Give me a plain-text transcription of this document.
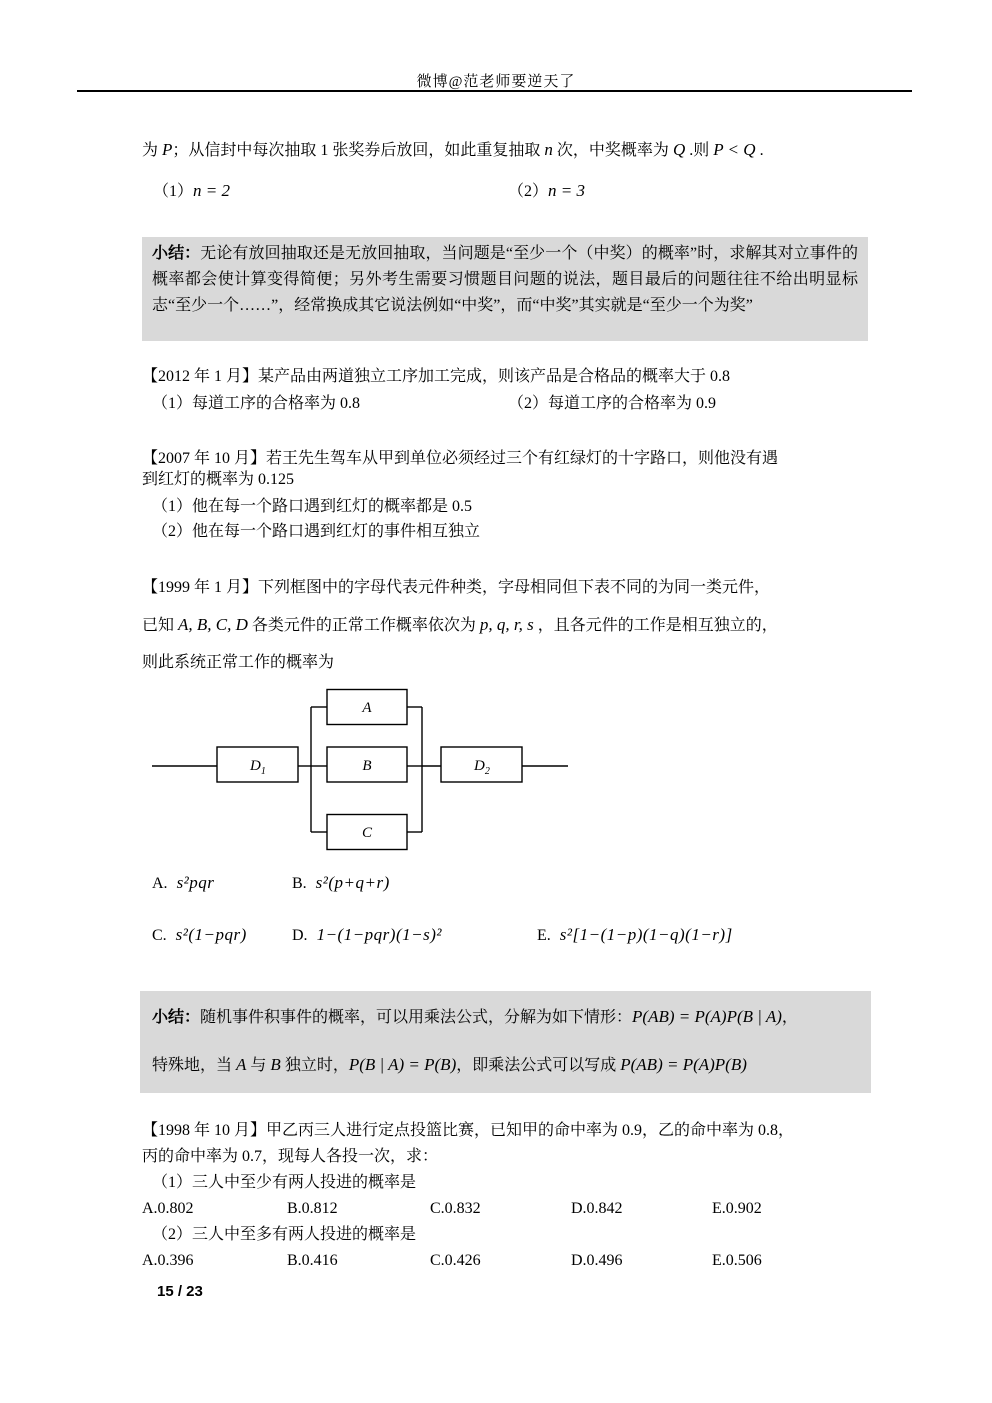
微博@范老师要逆天了
为 P；从信封中每次抽取 1 张奖券后放回，如此重复抽取 n 次，中奖概率为 Q .则 P < Q .
（1）n = 2	（2）n = 3
小结：无论有放回抽取还是无放回抽取，当问题是“至少一个（中奖）的概率”时，求解其对立事件的概率都会使计算变得简便；另外考生需要习惯题目问题的说法，题目最后的问题往往不给出明显标志“至少一个……”，经常换成其它说法例如“中奖”，而“中奖”其实就是“至少一个为奖”
【2012 年 1 月】某产品由两道独立工序加工完成，则该产品是合格品的概率大于 0.8
（1）每道工序的合格率为 0.8	（2）每道工序的合格率为 0.9
【2007 年 10 月】若王先生驾车从甲到单位必须经过三个有红绿灯的十字路口，则他没有遇
到红灯的概率为 0.125
（1）他在每一个路口遇到红灯的概率都是 0.5
（2）他在每一个路口遇到红灯的事件相互独立
【1999 年 1 月】下列框图中的字母代表元件种类，字母相同但下表不同的为同一类元件，
已知 A, B, C, D 各类元件的正常工作概率依次为 p, q, r, s ，且各元件的工作是相互独立的，
则此系统正常工作的概率为
$D_1$
A
B
C
$D_2$
A. s²pqr	B. s²(p+q+r)
C. s²(1−pqr)	D. 1−(1−pqr)(1−s)²	E. s²[1−(1−p)(1−q)(1−r)]
小结：随机事件积事件的概率，可以用乘法公式，分解为如下情形：P(AB) = P(A)P(B | A)，
特殊地，当 A 与 B 独立时，P(B | A) = P(B)，即乘法公式可以写成 P(AB) = P(A)P(B)
【1998 年 10 月】甲乙丙三人进行定点投篮比赛，已知甲的命中率为 0.9，乙的命中率为 0.8，
丙的命中率为 0.7，现每人各投一次，求：
（1）三人中至少有两人投进的概率是
A.0.802	B.0.812	C.0.832	D.0.842	E.0.902
（2）三人中至多有两人投进的概率是
A.0.396	B.0.416	C.0.426	D.0.496	E.0.506
15 / 23
